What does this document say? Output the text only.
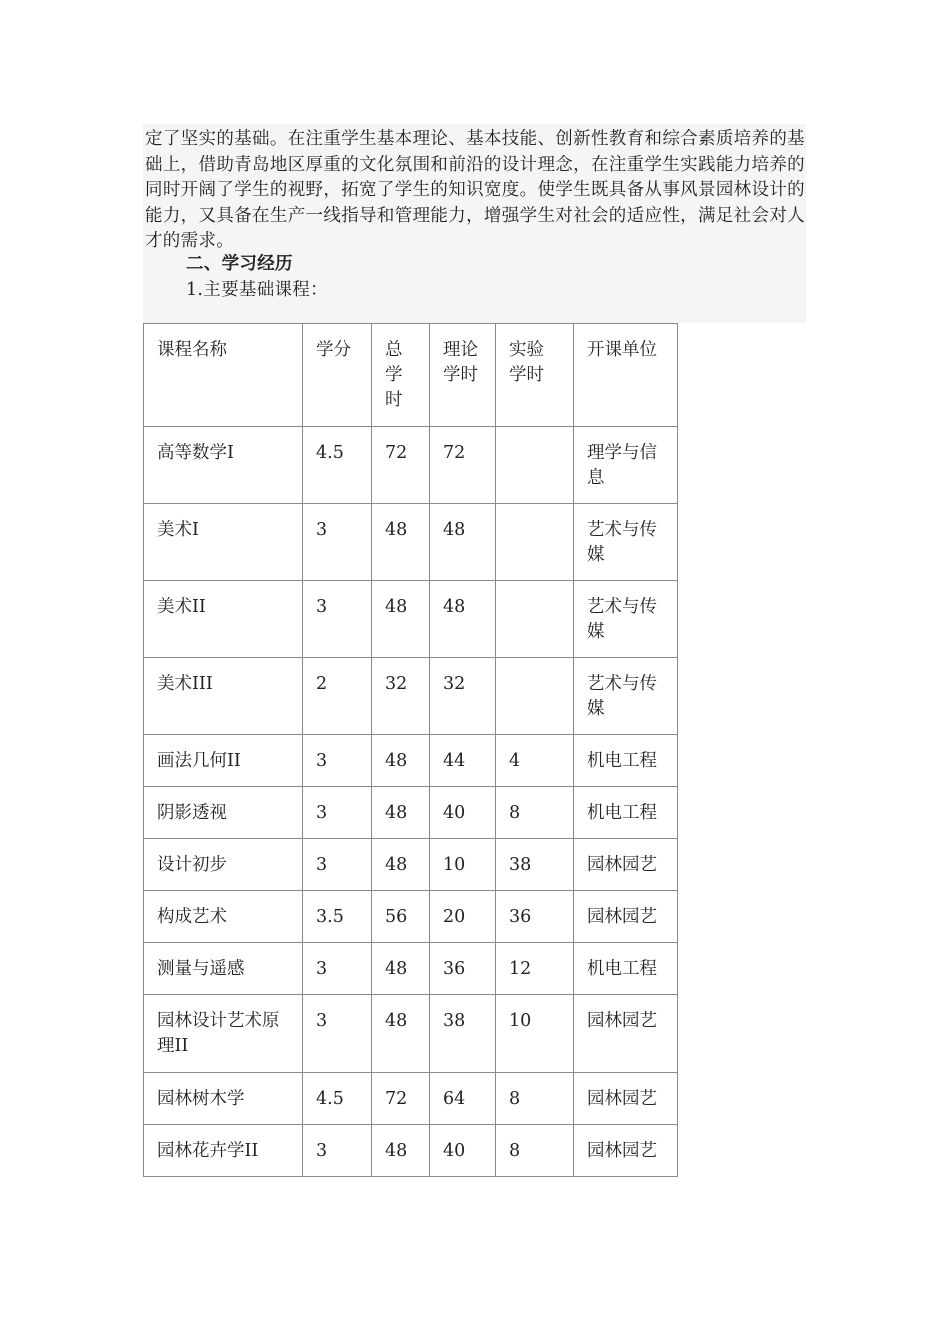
定了坚实的基础。在注重学生基本理论、基本技能、创新性教育和综合素质培养的基础上，借助青岛地区厚重的文化氛围和前沿的设计理念，在注重学生实践能力培养的同时开阔了学生的视野，拓宽了学生的知识宽度。使学生既具备从事风景园林设计的能力，又具备在生产一线指导和管理能力，增强学生对社会的适应性，满足社会对人才的需求。

二、学习经历

1.主要基础课程：

课程名称	学分	总学时	理论学时	实验学时	开课单位
高等数学Ⅰ	4.5	72	72		理学与信息
美术Ⅰ	3	48	48		艺术与传媒
美术II	3	48	48		艺术与传媒
美术III	2	32	32		艺术与传媒
画法几何II	3	48	44	4	机电工程
阴影透视	3	48	40	8	机电工程
设计初步	3	48	10	38	园林园艺
构成艺术	3.5	56	20	36	园林园艺
测量与遥感	3	48	36	12	机电工程
园林设计艺术原理II	3	48	38	10	园林园艺
园林树木学	4.5	72	64	8	园林园艺
园林花卉学II	3	48	40	8	园林园艺
